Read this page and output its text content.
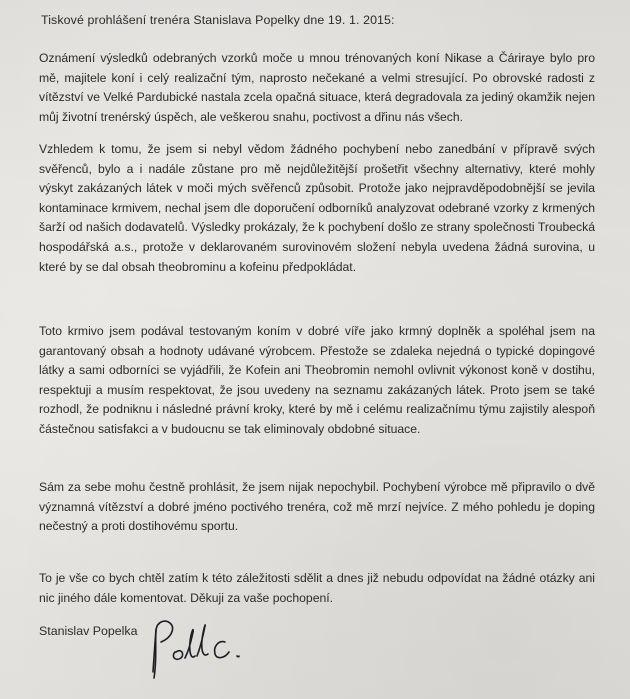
Tiskové prohlášení trenéra Stanislava Popelky dne 19. 1. 2015:

Oznámení výsledků odebraných vzorků moče u mnou trénovaných koní Nikase a Čáriraye bylo pro mě, majitele koní i celý realizační tým, naprosto nečekané a velmi stresující. Po obrovské radosti z vítězství ve Velké Pardubické nastala zcela opačná situace, která degradovala za jediný okamžik nejen můj životní trenérský úspěch, ale veškerou snahu, poctivost a dřinu nás všech.

Vzhledem k tomu, že jsem si nebyl vědom žádného pochybení nebo zanedbání v přípravě svých svěřenců, bylo a i nadále zůstane pro mě nejdůležitější prošetřit všechny alternativy, které mohly výskyt zakázaných látek v moči mých svěřenců způsobit. Protože jako nejpravděpodobnější se jevila kontaminace krmivem, nechal jsem dle doporučení odborníků analyzovat odebrané vzorky z krmených šarží od našich dodavatelů. Výsledky prokázaly, že k pochybení došlo ze strany společnosti Troubecká hospodářská a.s., protože v deklarovaném surovinovém složení nebyla uvedena žádná surovina, u které by se dal obsah theobrominu a kofeinu předpokládat.

Toto krmivo jsem podával testovaným koním v dobré víře jako krmný doplněk a spoléhal jsem na garantovaný obsah a hodnoty udávané výrobcem. Přestože se zdaleka nejedná o typické dopingové látky a sami odborníci se vyjádřili, že Kofein ani Theobromin nemohl ovlivnit výkonost koně v dostihu, respektuji a musím respektovat, že jsou uvedeny na seznamu zakázaných látek. Proto jsem se také rozhodl, že podniknu i následné právní kroky, které by mě i celému realizačnímu týmu zajistily alespoň částečnou satisfakci a v budoucnu se tak eliminovaly obdobné situace.

Sám za sebe mohu čestně prohlásit, že jsem nijak nepochybil. Pochybení výrobce mě připravilo o dvě významná vítězství a dobré jméno poctivého trenéra, což mě mrzí nejvíce. Z mého pohledu je doping nečestný a proti dostihovému sportu.

To je vše co bych chtěl zatím k této záležitosti sdělit a dnes již nebudu odpovídat na žádné otázky ani nic jiného dále komentovat. Děkuji za vaše pochopení.

Stanislav Popelka
